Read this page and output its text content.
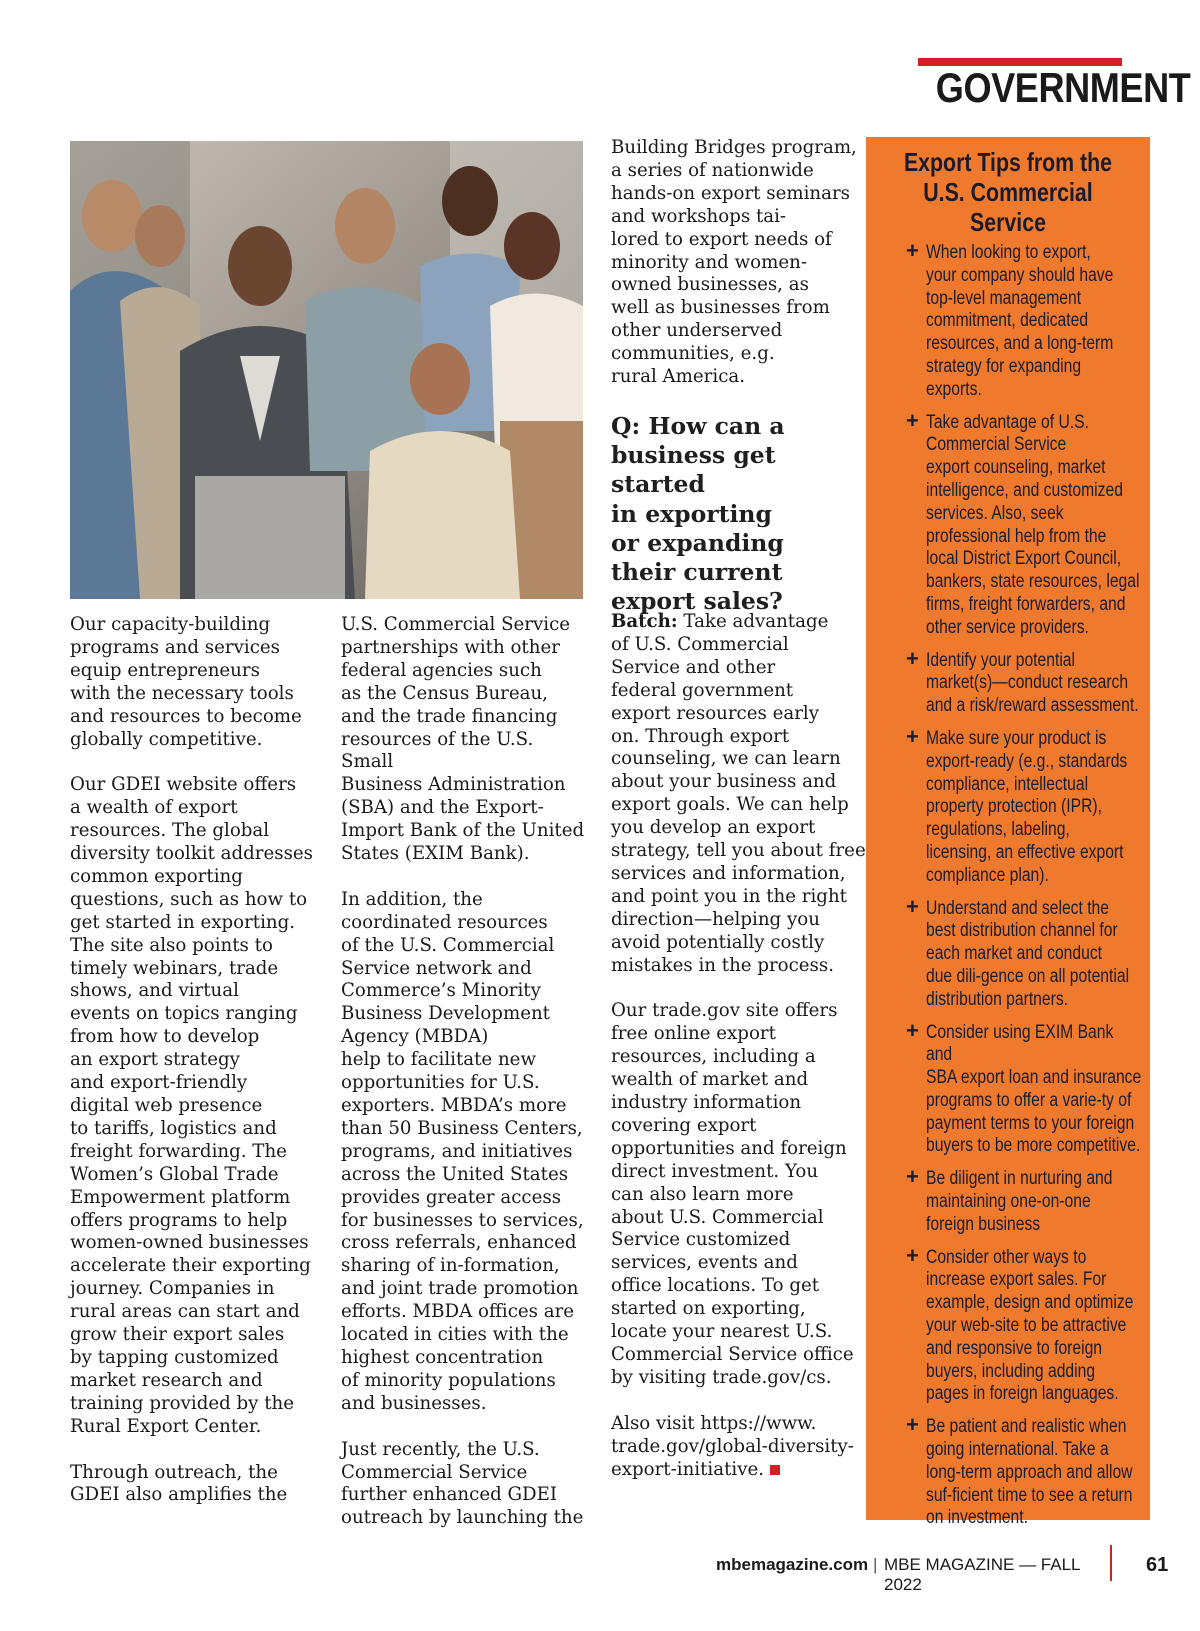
GOVERNMENT

Our capacity-building
programs and services
equip entrepreneurs
with the necessary tools
and resources to become
globally competitive.

Our GDEI website offers
a wealth of export
resources. The global
diversity toolkit addresses
common exporting
questions, such as how to
get started in exporting.
The site also points to
timely webinars, trade
shows, and virtual
events on topics ranging
from how to develop
an export strategy
and export-friendly
digital web presence
to tariffs, logistics and
freight forwarding. The
Women’s Global Trade
Empowerment platform
offers programs to help
women-owned businesses
accelerate their exporting
journey. Companies in
rural areas can start and
grow their export sales
by tapping customized
market research and
training provided by the
Rural Export Center.

Through outreach, the
GDEI also amplifies the

U.S. Commercial Service
partnerships with other
federal agencies such
as the Census Bureau,
and the trade financing
resources of the U.S. Small
Business Administration
(SBA) and the Export-
Import Bank of the United
States (EXIM Bank).

In addition, the
coordinated resources
of the U.S. Commercial
Service network and
Commerce’s Minority
Business Development
Agency (MBDA)
help to facilitate new
opportunities for U.S.
exporters. MBDA’s more
than 50 Business Centers,
programs, and initiatives
across the United States
provides greater access
for businesses to services,
cross referrals, enhanced
sharing of in-formation,
and joint trade promotion
efforts. MBDA offices are
located in cities with the
highest concentration
of minority populations
and businesses.

Just recently, the U.S.
Commercial Service
further enhanced GDEI
outreach by launching the

Building Bridges program,
a series of nationwide
hands-on export seminars
and workshops tai-
lored to export needs of
minority and women-
owned businesses, as
well as businesses from
other underserved
communities, e.g.
rural America.

Q: How can a
business get started
in exporting
or expanding
their current
export sales?

Batch: Take advantage
of U.S. Commercial
Service and other
federal government
export resources early
on. Through export
counseling, we can learn
about your business and
export goals. We can help
you develop an export
strategy, tell you about free
services and information,
and point you in the right
direction—helping you
avoid potentially costly
mistakes in the process.

Our trade.gov site offers
free online export
resources, including a
wealth of market and
industry information
covering export
opportunities and foreign
direct investment. You
can also learn more
about U.S. Commercial
Service customized
services, events and
office locations. To get
started on exporting,
locate your nearest U.S.
Commercial Service office
by visiting trade.gov/cs.

Also visit https://www.
trade.gov/global-diversity-
export-initiative.

Export Tips from the
U.S. Commercial Service
+ When looking to export,
your company should have
top-level management
commitment, dedicated
resources, and a long-term
strategy for expanding
exports.
+ Take advantage of U.S.
Commercial Service
export counseling, market
intelligence, and customized
services. Also, seek
professional help from the
local District Export Council,
bankers, state resources, legal
firms, freight forwarders, and
other service providers.
+ Identify your potential
market(s)—conduct research
and a risk/reward assessment.
+ Make sure your product is
export-ready (e.g., standards
compliance, intellectual
property protection (IPR),
regulations, labeling,
licensing, an effective export
compliance plan).
+ Understand and select the
best distribution channel for
each market and conduct
due dili-gence on all potential
distribution partners.
+ Consider using EXIM Bank and
SBA export loan and insurance
programs to offer a varie-ty of
payment terms to your foreign
buyers to be more competitive.
+ Be diligent in nurturing and
maintaining one-on-one
foreign business
+ Consider other ways to
increase export sales. For
example, design and optimize
your web-site to be attractive
and responsive to foreign
buyers, including adding
pages in foreign languages.
+ Be patient and realistic when
going international. Take a
long-term approach and allow
suf-ficient time to see a return
on investment.
mbemagazine.com | MBE MAGAZINE — FALL 2022
61
